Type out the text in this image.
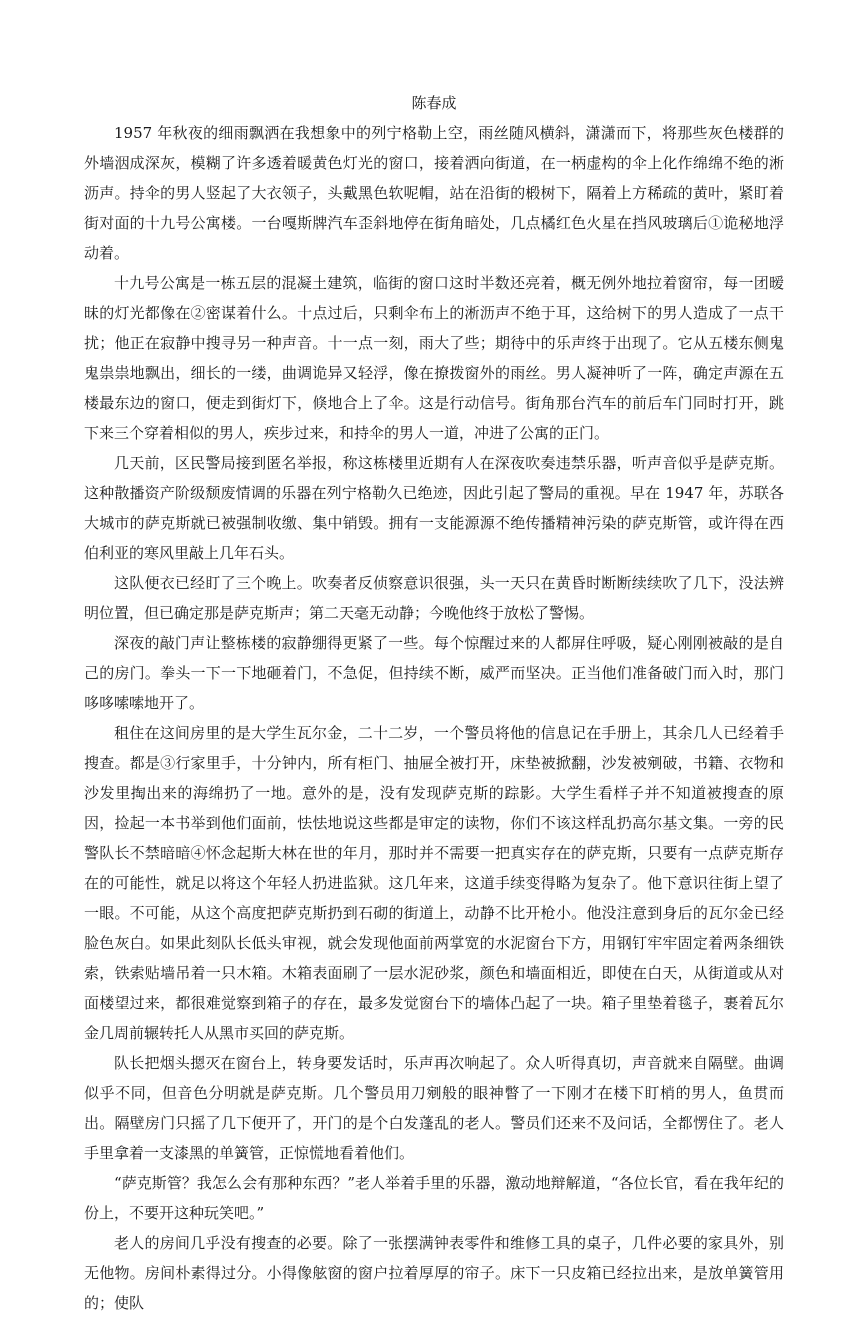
陈春成

1957 年秋夜的细雨飘洒在我想象中的列宁格勒上空，雨丝随风横斜，潇潇而下，将那些灰色楼群的外墙洇成深灰，模糊了许多透着暖黄色灯光的窗口，接着洒向街道，在一柄虚构的伞上化作绵绵不绝的淅沥声。持伞的男人竖起了大衣领子，头戴黑色软呢帽，站在沿街的椴树下，隔着上方稀疏的黄叶，紧盯着街对面的十九号公寓楼。一台嘎斯牌汽车歪斜地停在街角暗处，几点橘红色火星在挡风玻璃后①诡秘地浮动着。

十九号公寓是一栋五层的混凝土建筑，临街的窗口这时半数还亮着，概无例外地拉着窗帘，每一团暧昧的灯光都像在②密谋着什么。十点过后，只剩伞布上的淅沥声不绝于耳，这给树下的男人造成了一点干扰；他正在寂静中搜寻另一种声音。十一点一刻，雨大了些；期待中的乐声终于出现了。它从五楼东侧鬼鬼祟祟地飘出，细长的一缕，曲调诡异又轻浮，像在撩拨窗外的雨丝。男人凝神听了一阵，确定声源在五楼最东边的窗口，便走到街灯下，倏地合上了伞。这是行动信号。街角那台汽车的前后车门同时打开，跳下来三个穿着相似的男人，疾步过来，和持伞的男人一道，冲进了公寓的正门。

几天前，区民警局接到匿名举报，称这栋楼里近期有人在深夜吹奏违禁乐器，听声音似乎是萨克斯。这种散播资产阶级颓废情调的乐器在列宁格勒久已绝迹，因此引起了警局的重视。早在 1947 年，苏联各大城市的萨克斯就已被强制收缴、集中销毁。拥有一支能源源不绝传播精神污染的萨克斯管，或许得在西伯利亚的寒风里敲上几年石头。

这队便衣已经盯了三个晚上。吹奏者反侦察意识很强，头一天只在黄昏时断断续续吹了几下，没法辨明位置，但已确定那是萨克斯声；第二天毫无动静；今晚他终于放松了警惕。

深夜的敲门声让整栋楼的寂静绷得更紧了一些。每个惊醒过来的人都屏住呼吸，疑心刚刚被敲的是自己的房门。拳头一下一下地砸着门，不急促，但持续不断，威严而坚决。正当他们准备破门而入时，那门哆哆嗦嗦地开了。

租住在这间房里的是大学生瓦尔金，二十二岁，一个警员将他的信息记在手册上，其余几人已经着手搜查。都是③行家里手，十分钟内，所有柜门、抽屉全被打开，床垫被掀翻，沙发被剜破，书籍、衣物和沙发里掏出来的海绵扔了一地。意外的是，没有发现萨克斯的踪影。大学生看样子并不知道被搜查的原因，捡起一本书举到他们面前，怯怯地说这些都是审定的读物，你们不该这样乱扔高尔基文集。一旁的民警队长不禁暗暗④怀念起斯大林在世的年月，那时并不需要一把真实存在的萨克斯，只要有一点萨克斯存在的可能性，就足以将这个年轻人扔进监狱。这几年来，这道手续变得略为复杂了。他下意识往街上望了一眼。不可能，从这个高度把萨克斯扔到石砌的街道上，动静不比开枪小。他没注意到身后的瓦尔金已经脸色灰白。如果此刻队长低头审视，就会发现他面前两掌宽的水泥窗台下方，用钢钉牢牢固定着两条细铁索，铁索贴墙吊着一只木箱。木箱表面刷了一层水泥砂浆，颜色和墙面相近，即使在白天，从街道或从对面楼望过来，都很难觉察到箱子的存在，最多发觉窗台下的墙体凸起了一块。箱子里垫着毯子，裹着瓦尔金几周前辗转托人从黑市买回的萨克斯。

队长把烟头摁灭在窗台上，转身要发话时，乐声再次响起了。众人听得真切，声音就来自隔壁。曲调似乎不同，但音色分明就是萨克斯。几个警员用刀剜般的眼神瞥了一下刚才在楼下盯梢的男人，鱼贯而出。隔壁房门只摇了几下便开了，开门的是个白发蓬乱的老人。警员们还来不及问话，全都愣住了。老人手里拿着一支漆黑的单簧管，正惊慌地看着他们。

“萨克斯管？我怎么会有那种东西？”老人举着手里的乐器，激动地辩解道，“各位长官，看在我年纪的份上，不要开这种玩笑吧。”

老人的房间几乎没有搜查的必要。除了一张摆满钟表零件和维修工具的桌子，几件必要的家具外，别无他物。房间朴素得过分。小得像舷窗的窗户拉着厚厚的帘子。床下一只皮箱已经拉出来，是放单簧管用的；使队
